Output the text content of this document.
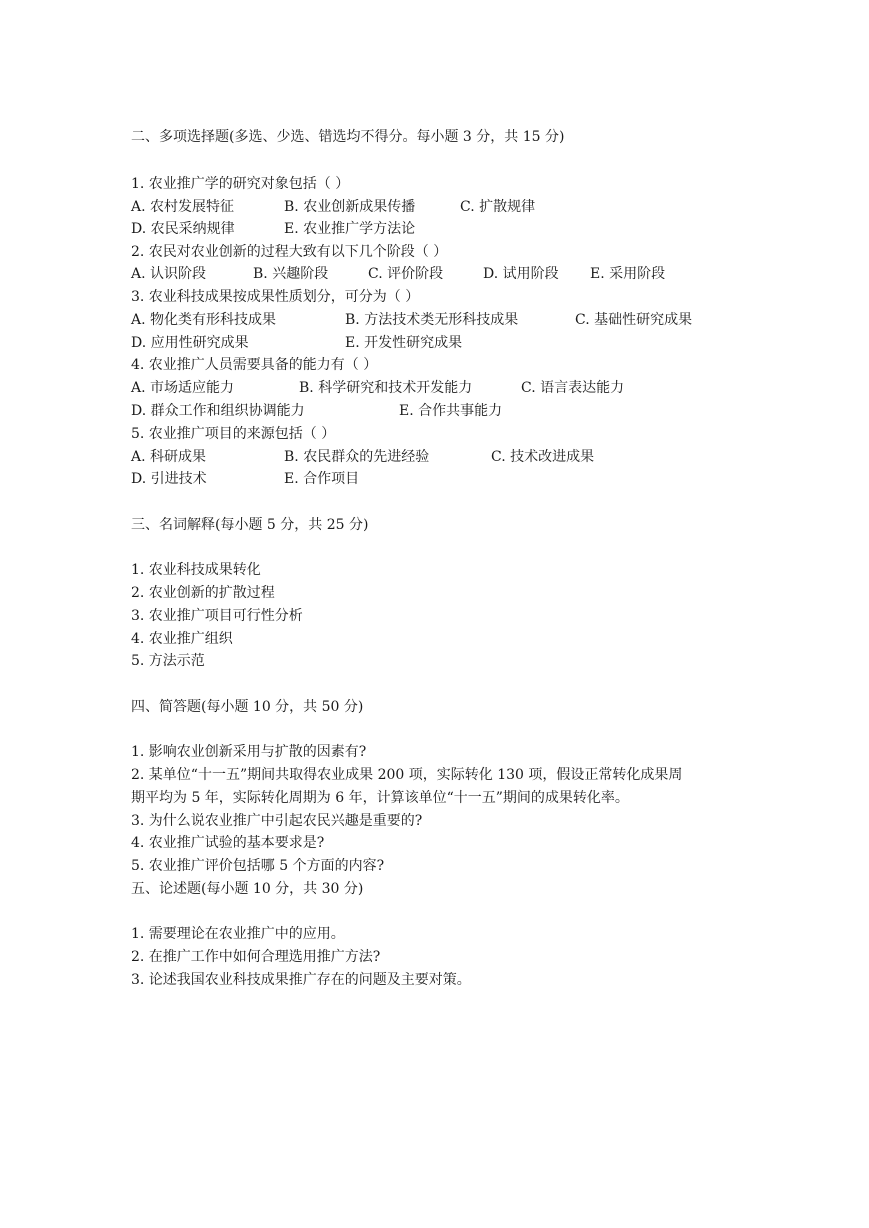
二、多项选择题(多选、少选、错选均不得分。每小题 3 分，共 15 分)
1. 农业推广学的研究对象包括（ ）
A. 农村发展特征	B. 农业创新成果传播	C. 扩散规律
D. 农民采纳规律	E. 农业推广学方法论
2. 农民对农业创新的过程大致有以下几个阶段（ ）
A. 认识阶段	B. 兴趣阶段	C. 评价阶段	D. 试用阶段 E. 采用阶段
3. 农业科技成果按成果性质划分，可分为（ ）
A. 物化类有形科技成果	B. 方法技术类无形科技成果	C. 基础性研究成果
D. 应用性研究成果	E. 开发性研究成果
4. 农业推广人员需要具备的能力有（ ）
A. 市场适应能力	B. 科学研究和技术开发能力	C. 语言表达能力
D. 群众工作和组织协调能力	E. 合作共事能力
5. 农业推广项目的来源包括（ ）
A. 科研成果	B. 农民群众的先进经验	C. 技术改进成果
D. 引进技术	E. 合作项目
三、名词解释(每小题 5 分，共 25 分)
1. 农业科技成果转化
2. 农业创新的扩散过程
3. 农业推广项目可行性分析
4. 农业推广组织
5. 方法示范
四、简答题(每小题 10 分，共 50 分)
1. 影响农业创新采用与扩散的因素有?
2. 某单位“十一五”期间共取得农业成果 200 项，实际转化 130 项，假设正常转化成果周
期平均为 5 年，实际转化周期为 6 年，计算该单位“十一五”期间的成果转化率。
3. 为什么说农业推广中引起农民兴趣是重要的?
4. 农业推广试验的基本要求是?
5. 农业推广评价包括哪 5 个方面的内容?
五、论述题(每小题 10 分，共 30 分)
1. 需要理论在农业推广中的应用。
2. 在推广工作中如何合理选用推广方法?
3. 论述我国农业科技成果推广存在的问题及主要对策。
